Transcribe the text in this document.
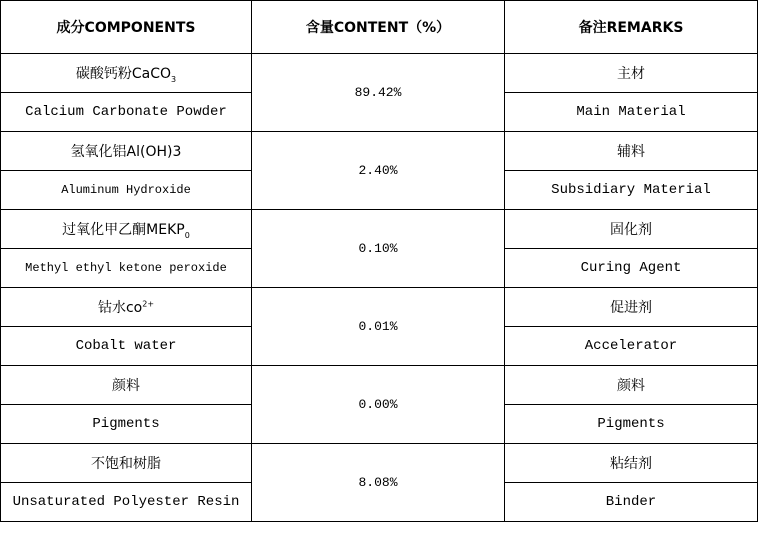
成分COMPONENTS	含量CONTENT（%）	备注REMARKS
碳酸钙粉CaCO$_3$	89.42%	主材
Calcium Carbonate Powder		Main Material
氢氧化铝Al(OH)3	2.40%	辅料
Aluminum Hydroxide		Subsidiary Material
过氧化甲乙酮$MEKP_0$	0.10%	固化剂
Methyl ethyl ketone peroxide		Curing Agent
钴水$co^{2+}$	0.01%	促进剂
Cobalt water		Accelerator
颜料	0.00%	颜料
Pigments		Pigments
不饱和树脂	8.08%	粘结剂
Unsaturated Polyester Resin		Binder
